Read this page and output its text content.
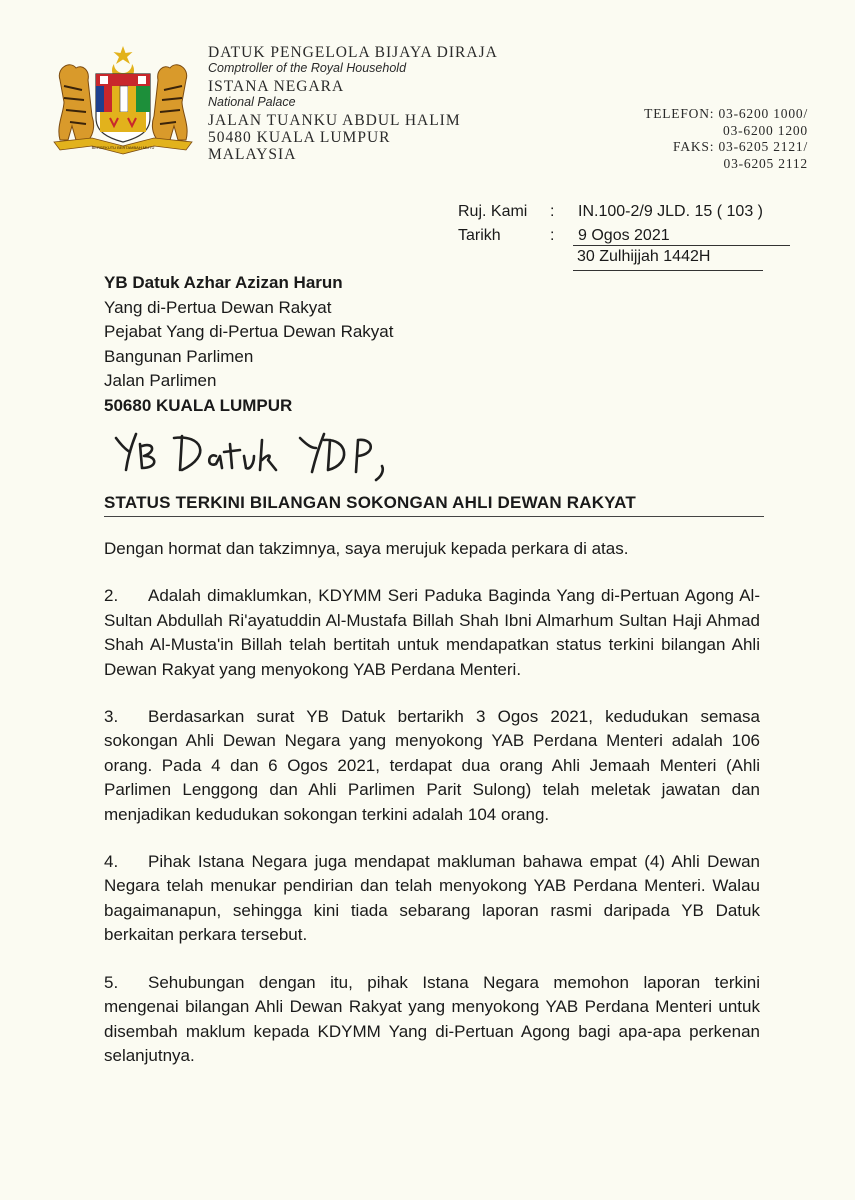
BERSEKUTU BERTAMBAH MUTU
DATUK PENGELOLA BIJAYA DIRAJA
Comptroller of the Royal Household
ISTANA NEGARA
National Palace
JALAN TUANKU ABDUL HALIM
50480 KUALA LUMPUR
MALAYSIA
TELEFON: 03-6200 1000/
03-6200 1200
FAKS: 03-6205 2121/
03-6205 2112
Ruj. Kami	:	IN.100-2/9 JLD. 15 ( 103 )
Tarikh	:	9 Ogos 2021
30 Zulhijjah 1442H
YB Datuk Azhar Azizan Harun
Yang di-Pertua Dewan Rakyat
Pejabat Yang di-Pertua Dewan Rakyat
Bangunan Parlimen
Jalan Parlimen
50680 KUALA LUMPUR
STATUS TERKINI BILANGAN SOKONGAN AHLI DEWAN RAKYAT

Dengan hormat dan takzimnya, saya merujuk kepada perkara di atas.

2. Adalah dimaklumkan, KDYMM Seri Paduka Baginda Yang di-Pertuan Agong Al-Sultan Abdullah Ri'ayatuddin Al-Mustafa Billah Shah Ibni Almarhum Sultan Haji Ahmad Shah Al-Musta'in Billah telah bertitah untuk mendapatkan status terkini bilangan Ahli Dewan Rakyat yang menyokong YAB Perdana Menteri.

3. Berdasarkan surat YB Datuk bertarikh 3 Ogos 2021, kedudukan semasa sokongan Ahli Dewan Negara yang menyokong YAB Perdana Menteri adalah 106 orang. Pada 4 dan 6 Ogos 2021, terdapat dua orang Ahli Jemaah Menteri (Ahli Parlimen Lenggong dan Ahli Parlimen Parit Sulong) telah meletak jawatan dan menjadikan kedudukan sokongan terkini adalah 104 orang.

4. Pihak Istana Negara juga mendapat makluman bahawa empat (4) Ahli Dewan Negara telah menukar pendirian dan telah menyokong YAB Perdana Menteri. Walau bagaimanapun, sehingga kini tiada sebarang laporan rasmi daripada YB Datuk berkaitan perkara tersebut.

5. Sehubungan dengan itu, pihak Istana Negara memohon laporan terkini mengenai bilangan Ahli Dewan Rakyat yang menyokong YAB Perdana Menteri untuk disembah maklum kepada KDYMM Yang di-Pertuan Agong bagi apa-apa perkenan selanjutnya.
